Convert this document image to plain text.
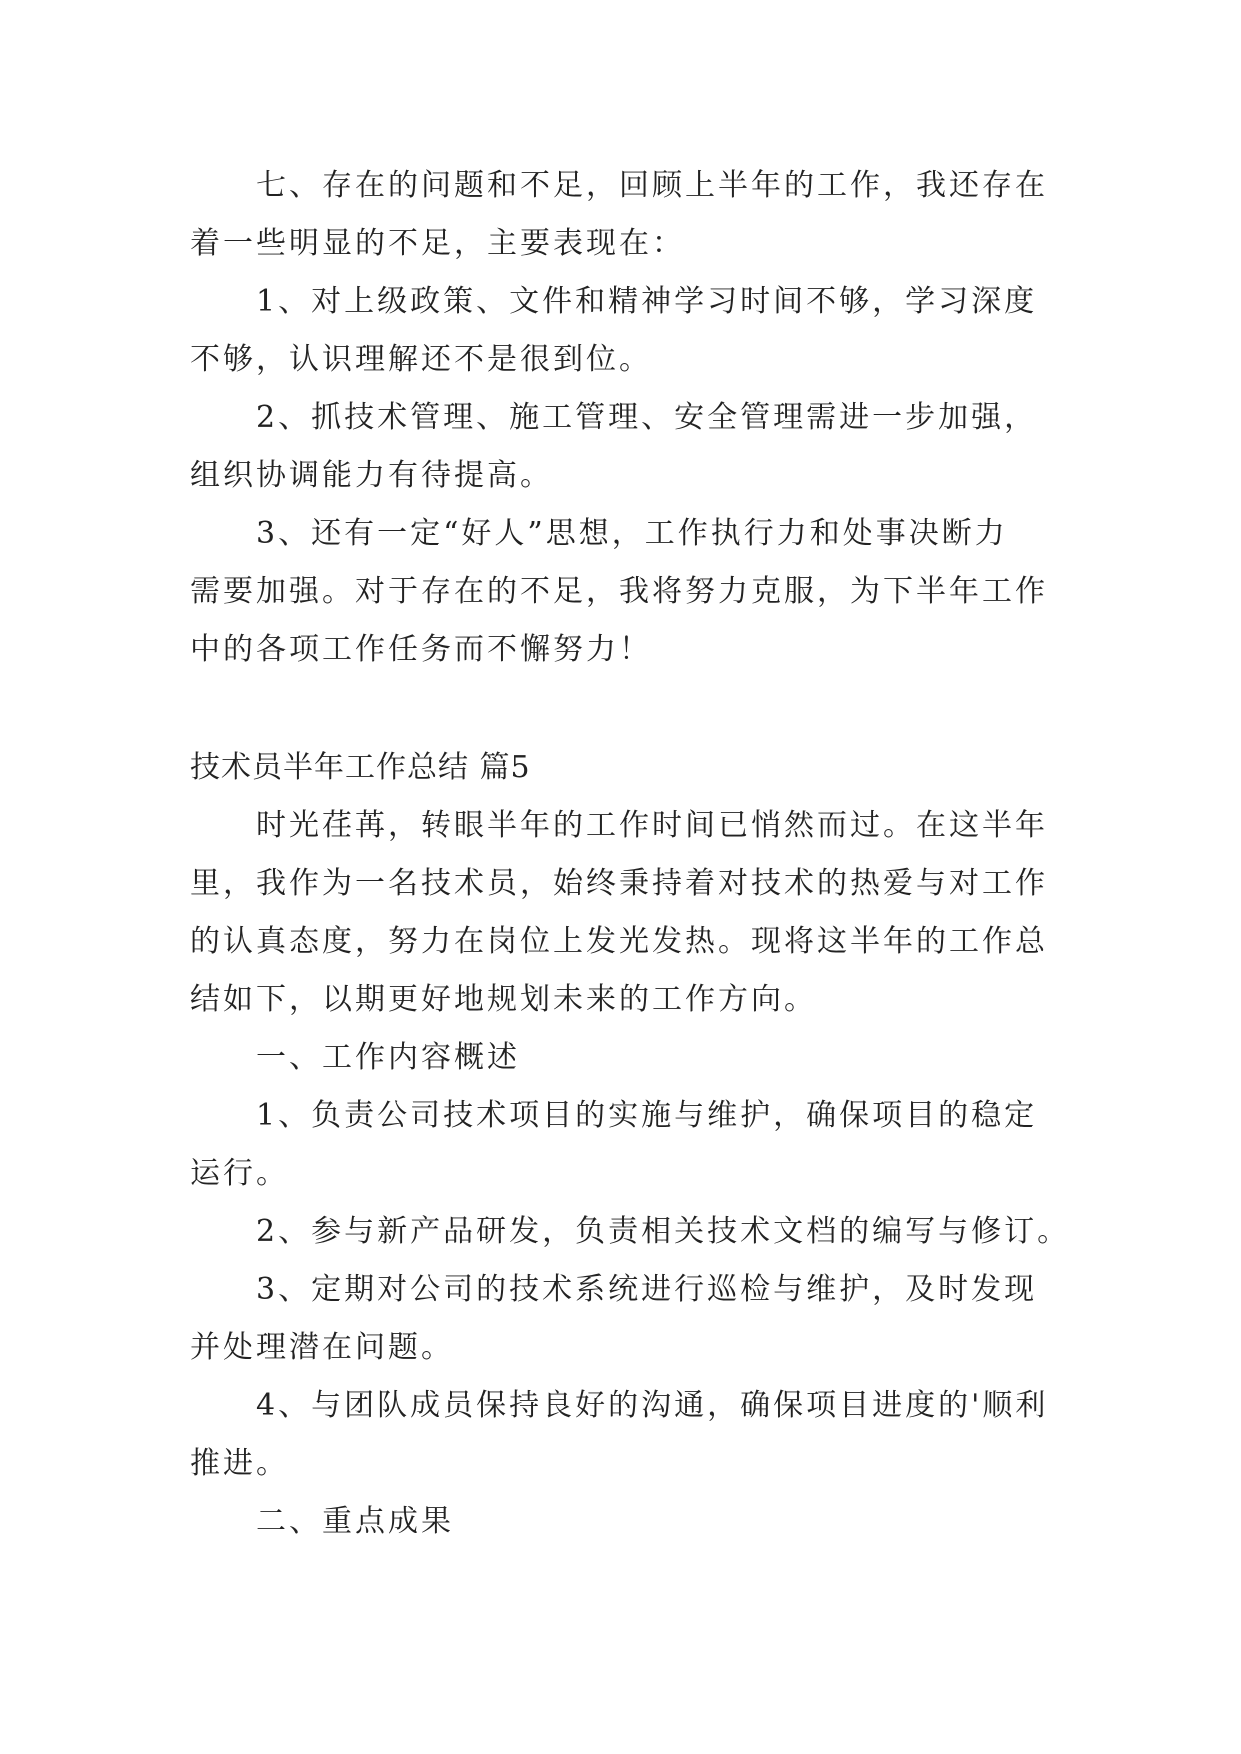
七、存在的问题和不足，回顾上半年的工作，我还存在
着一些明显的不足，主要表现在：
1、对上级政策、文件和精神学习时间不够，学习深度
不够，认识理解还不是很到位。
2、抓技术管理、施工管理、安全管理需进一步加强，
组织协调能力有待提高。
3、还有一定“好人”思想，工作执行力和处事决断力
需要加强。对于存在的不足，我将努力克服，为下半年工作
中的各项工作任务而不懈努力！
技术员半年工作总结 篇5
时光荏苒，转眼半年的工作时间已悄然而过。在这半年
里，我作为一名技术员，始终秉持着对技术的热爱与对工作
的认真态度，努力在岗位上发光发热。现将这半年的工作总
结如下，以期更好地规划未来的工作方向。
一、工作内容概述
1、负责公司技术项目的实施与维护，确保项目的稳定
运行。
2、参与新产品研发，负责相关技术文档的编写与修订。
3、定期对公司的技术系统进行巡检与维护，及时发现
并处理潜在问题。
4、与团队成员保持良好的沟通，确保项目进度的'顺利
推进。
二、重点成果
